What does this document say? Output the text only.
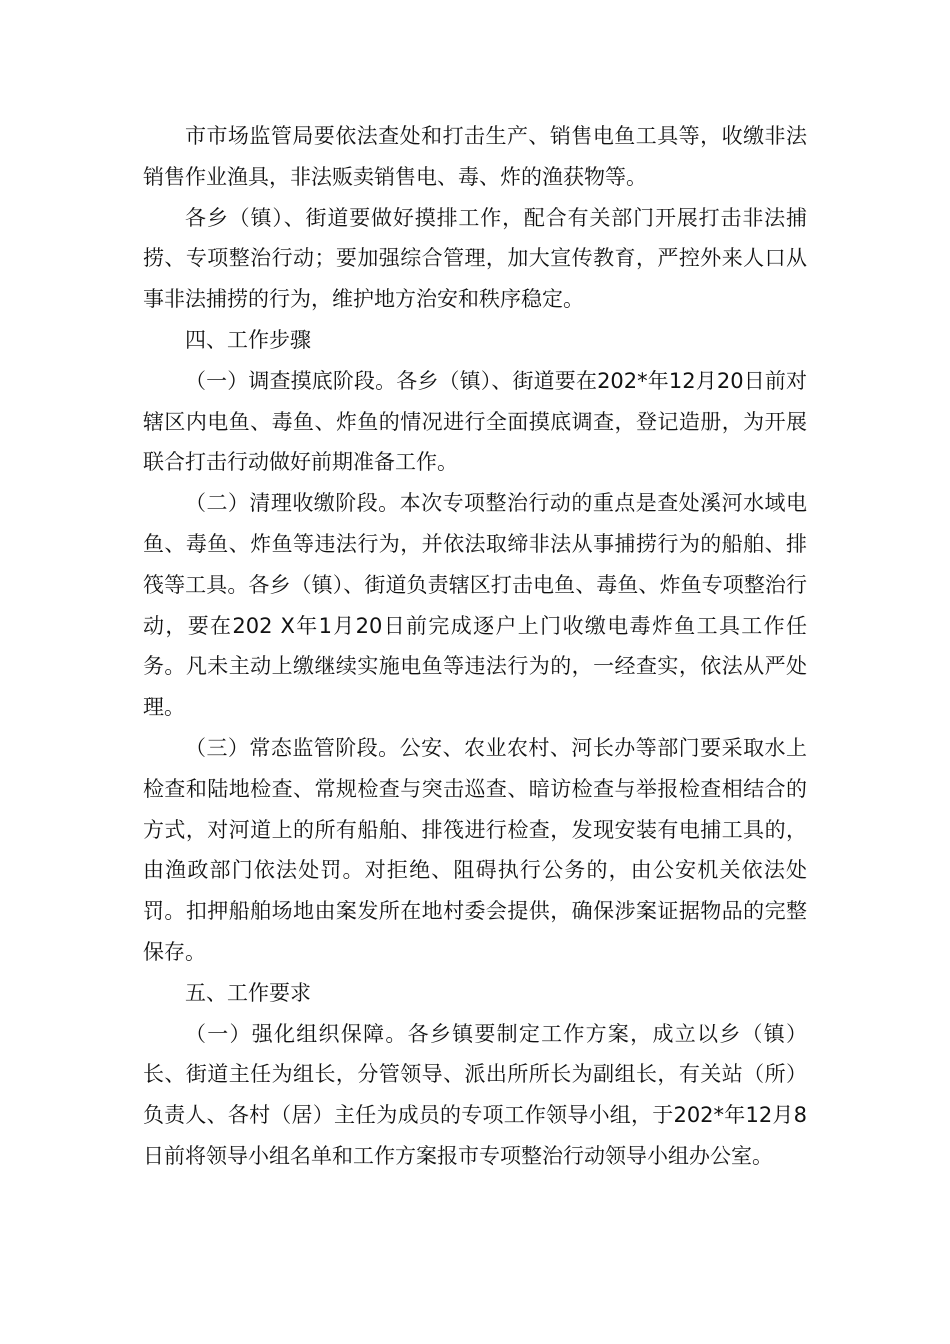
市市场监管局要依法查处和打击生产、销售电鱼工具等，收缴非法销售作业渔具，非法贩卖销售电、毒、炸的渔获物等。

各乡（镇）、街道要做好摸排工作，配合有关部门开展打击非法捕捞、专项整治行动；要加强综合管理，加大宣传教育，严控外来人口从事非法捕捞的行为，维护地方治安和秩序稳定。

四、工作步骤

（一）调查摸底阶段。各乡（镇）、街道要在202*年12月20日前对辖区内电鱼、毒鱼、炸鱼的情况进行全面摸底调查，登记造册，为开展联合打击行动做好前期准备工作。

（二）清理收缴阶段。本次专项整治行动的重点是查处溪河水域电鱼、毒鱼、炸鱼等违法行为，并依法取缔非法从事捕捞行为的船舶、排筏等工具。各乡（镇）、街道负责辖区打击电鱼、毒鱼、炸鱼专项整治行动，要在202 X年1月20日前完成逐户上门收缴电毒炸鱼工具工作任务。凡未主动上缴继续实施电鱼等违法行为的，一经查实，依法从严处理。

（三）常态监管阶段。公安、农业农村、河长办等部门要采取水上检查和陆地检查、常规检查与突击巡查、暗访检查与举报检查相结合的方式，对河道上的所有船舶、排筏进行检查，发现安装有电捕工具的，由渔政部门依法处罚。对拒绝、阻碍执行公务的，由公安机关依法处罚。扣押船舶场地由案发所在地村委会提供，确保涉案证据物品的完整保存。

五、工作要求

（一）强化组织保障。各乡镇要制定工作方案，成立以乡（镇）长、街道主任为组长，分管领导、派出所所长为副组长，有关站（所）负责人、各村（居）主任为成员的专项工作领导小组，于202*年12月8日前将领导小组名单和工作方案报市专项整治行动领导小组办公室。
